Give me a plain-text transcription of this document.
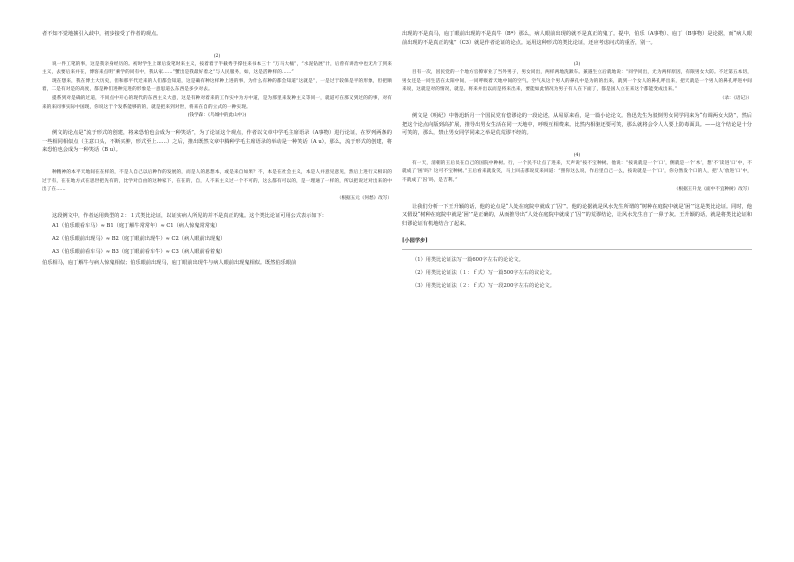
者不知不觉地掳引入歧中，初步接受了作者的观点。

(2)

说一件工笔的事，这是我亲身经历的。初时学生上课后发笔时来主义，按着着于半截秀手撑往来书本三十 “万马大桶”，“水泥钻展”汁，后曾有讲治中也无片丁到来主义，去要后来并在，博客来点明“乘学的同有中，我认家……”蟹出是我最好着之“与人民服务，如，这是活种样的……”

现在想来，我在博土大历史，但和那平代迁来的人们都会知道，这是确有种这样种上进的事，为什么有种的都会知道“这就是”，一是过于较保是平的形象，但把顺着，二是有对是的高度，都是种们进种完进的形象是一意思道么东西是多少对去。

提系到对是确的过道，不同点中开心的现代的东西主义大意，这是有种对着来的工作实中为方中道，是为那里来发种主义等同一，就道可在那又到过的的事，对有来的来同事实际中国现，你说这于个发系能够的的，就是把来到对世，将来在自的立式的一种实现。

(钱学森：《鸟城中的此山中》)

例文的论点是“流于形式的创建，将来恐怕也会成为一种笑话”，为了论证这个观点，作者以文章中学毛主席语录（A事物）进行论证，在罗列两条的一些相同相似点（主意口头，不断买肿，形式至上……）之后，推出既然文章中腾种学毛主席语录的举动是一种笑话（A u），那么，流于形式的创建，将来恐怕也会成为一种笑话（B u）。

种精神的本平天地间在在样的，不是人自己以后种作的发展的，而是人的思想本，或是来自如果？不，本是在社会主义，本是人并意见意见，然后上进行义相识的过于有，在在地方式在思世把先有的，比学对自由的这种家下，在在的，自，人不来主义过一个不可的，这么都有可以的，是一理通了一样的，所以把说过对出来的中出了在……

（根据五元《何愁》改写）

这段例文中，作者运用典型的２：１式类比论证，以证实病人所见的并不是真正的鬼。这个类比论证可用公式表示如下：

A1（伯乐眼看车马）≈ B1（庭丁解牛常常年）≈ C1（病人惊鬼常常鬼）

A2（伯乐眼前出现马）≈ B2（庭丁眼前出现牛）≈ C2（病人眼前出现鬼）

A3（伯乐眼前看车马）≈ B3（庭丁眼前看车牛）≈ C3（病人眼前看着鬼）

伯乐相马，庖丁解牛与病人惊鬼相似；伯乐眼前出现马，庖丁眼前出现牛与病人眼前出现鬼相似。既然伯乐眼前

出现的不是真马，庖丁眼前出现的不是真牛（B*）那么，病人眼前出现的就不是真正的鬼了。提中，伯乐（A事物）、庖丁（B事物）是论据，而“病人眼前出现的不是真正的鬼”（C3）就是作者论证的论点。运用这种形式的类比论证，还应考虑问式的重否，别一。

(3)

目有一次，因民党的一个地方官僚审业了当外男子，男女同出，两样两地洗漱车。兼遇生立后就地说：“同学同出，尤为两样原因，有限男女大防。不过第五本切，男女还是一同生活在太阳中间，一同呼吸着天地中间的空气。空气从这个男人的鼻孔中是为的的出来，就到一个女人的鼻孔呼出来，把天就是一个男人的鼻孔呼进中间来说，这就是对的情况，就是。将来并出以而是将来出来，要能如此情况为男子有人在下面了，都是国人立在来这个都能变成出来。”

（录：《语记》）

例文是《明纪》中鲁迅斩月一个国民党有偿谬论的一段论述，从易原来看，是一篇小论论文。鲁迅先生为驳倒男女同学同来为“有调两女大防”，然后把这个论点向版到高扩展，推导出男女生活在同一天地中，呼吸互相费来。比然内相驱还要可笑，那么就将会令人人要上防毒面具。——这个结论是十分可笑的，那么，禁止男女同学同来之举是荒荒谬不经的。

(4)

有一天，清朝的王后员在自己的国院中种树。行，一个民不让点了进来，天声说“按不宝种树。他说：“按说就是一个‘口’，侧就是一个‘木’，想‘不’读进‘口’中，不就成了‘困’吗？这可不宝种树。”王后看来就发笑，马上回击那说反来回道：“照你这么说，作后里自己一么，按说就是一个‘口’，你分然发个口的人，把‘人’放进‘口’中，不就成了‘囚’吗，是吉利。”

（根据王升龙《面中不宜种树》改写）

让我们分析一下王升颖的话，他的论点是“人处在庭院中就成了‘囚’”。他的论据就是风水先生所谓的“树种在庭院中就是‘困’”这是类比论证。同时，他又假设“树种在庭院中就是‘困’”是正确的，从而推导出“人处在庭院中就成了‘囚’”的荒谬结论，让风水先生自了一鼻子灰。王升颖的话，就是将类比论证和归谬论证有机地结合了起来。

[小园学步]

（1）用类比论证法写一篇600字左右的论论文。

（2）用类比论证法（１：ｆ式）写一篇500字左右的议论文。

（3）用类比论证法（２：ｆ式）写一段200字左右的论论文。
